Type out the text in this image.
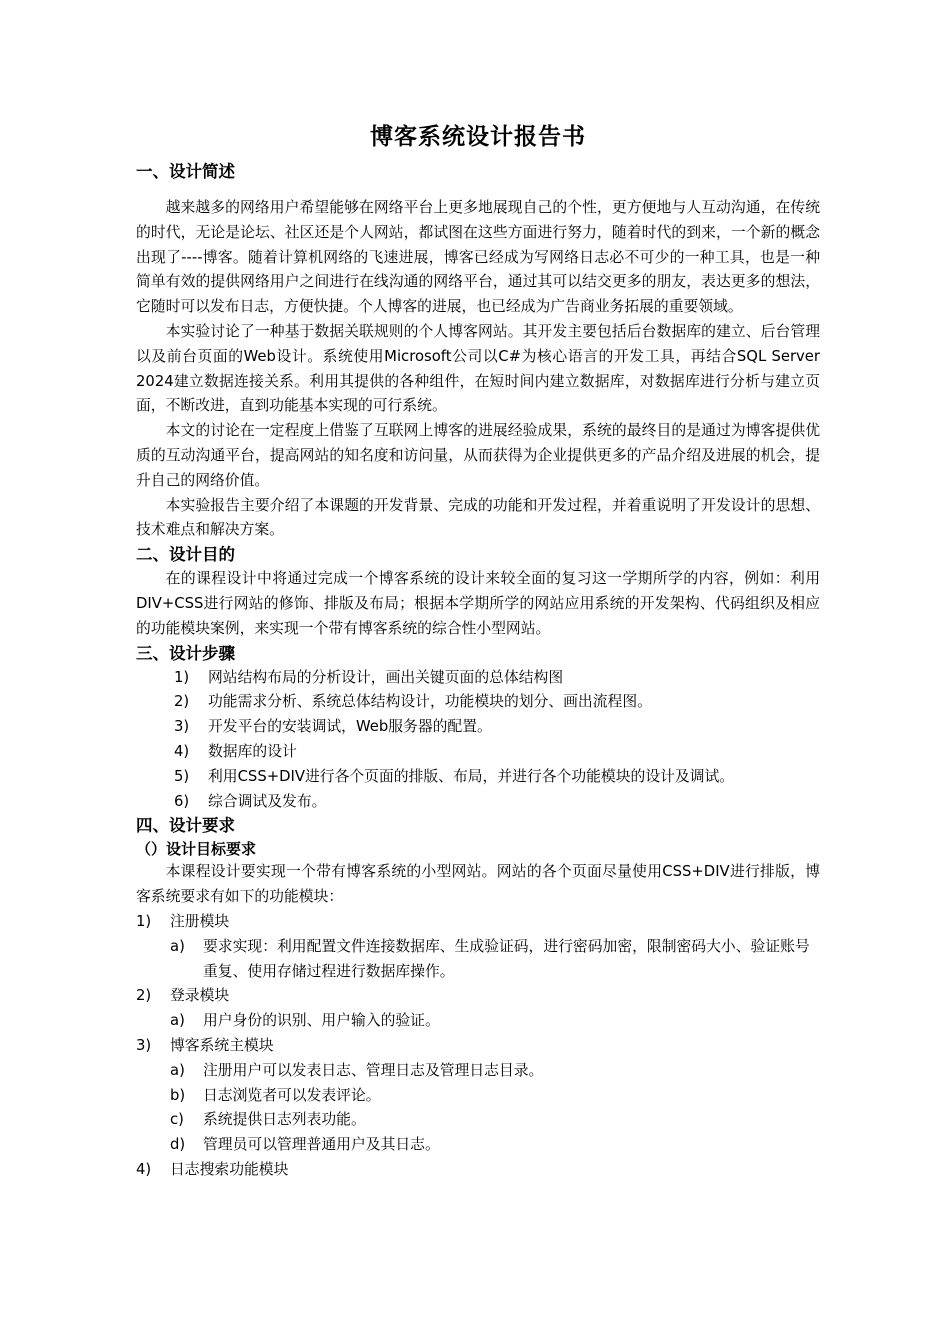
博客系统设计报告书
一、设计简述

越来越多的网络用户希望能够在网络平台上更多地展现自己的个性，更方便地与人互动沟通，在传统的时代，无论是论坛、社区还是个人网站，都试图在这些方面进行努力，随着时代的到来，一个新的概念出现了----博客。随着计算机网络的飞速进展，博客已经成为写网络日志必不可少的一种工具，也是一种简单有效的提供网络用户之间进行在线沟通的网络平台，通过其可以结交更多的朋友，表达更多的想法，它随时可以发布日志，方便快捷。个人博客的进展，也已经成为广告商业务拓展的重要领域。

本实验讨论了一种基于数据关联规则的个人博客网站。其开发主要包括后台数据库的建立、后台管理以及前台页面的Web设计。系统使用Microsoft公司以C#为核心语言的开发工具，再结合SQL Server 2024建立数据连接关系。利用其提供的各种组件，在短时间内建立数据库，对数据库进行分析与建立页面，不断改进，直到功能基本实现的可行系统。

本文的讨论在一定程度上借鉴了互联网上博客的进展经验成果，系统的最终目的是通过为博客提供优质的互动沟通平台，提高网站的知名度和访问量，从而获得为企业提供更多的产品介绍及进展的机会，提升自己的网络价值。

本实验报告主要介绍了本课题的开发背景、完成的功能和开发过程，并着重说明了开发设计的思想、技术难点和解决方案。

二、设计目的

在的课程设计中将通过完成一个博客系统的设计来较全面的复习这一学期所学的内容，例如：利用DIV+CSS进行网站的修饰、排版及布局；根据本学期所学的网站应用系统的开发架构、代码组织及相应的功能模块案例，来实现一个带有博客系统的综合性小型网站。

三、设计步骤
1)	网站结构布局的分析设计，画出关键页面的总体结构图
2)	功能需求分析、系统总体结构设计，功能模块的划分、画出流程图。
3)	开发平台的安装调试，Web服务器的配置。
4)	数据库的设计
5)	利用CSS+DIV进行各个页面的排版、布局，并进行各个功能模块的设计及调试。
6)	综合调试及发布。
四、设计要求
（）设计目标要求

本课程设计要实现一个带有博客系统的小型网站。网站的各个页面尽量使用CSS+DIV进行排版，博客系统要求有如下的功能模块：

1)	注册模块
a)	要求实现：利用配置文件连接数据库、生成验证码，进行密码加密，限制密码大小、验证账号重复、使用存储过程进行数据库操作。
2)	登录模块
a)	用户身份的识别、用户输入的验证。
3)	博客系统主模块
a)	注册用户可以发表日志、管理日志及管理日志目录。
b)	日志浏览者可以发表评论。
c)	系统提供日志列表功能。
d)	管理员可以管理普通用户及其日志。
4)	日志搜索功能模块
